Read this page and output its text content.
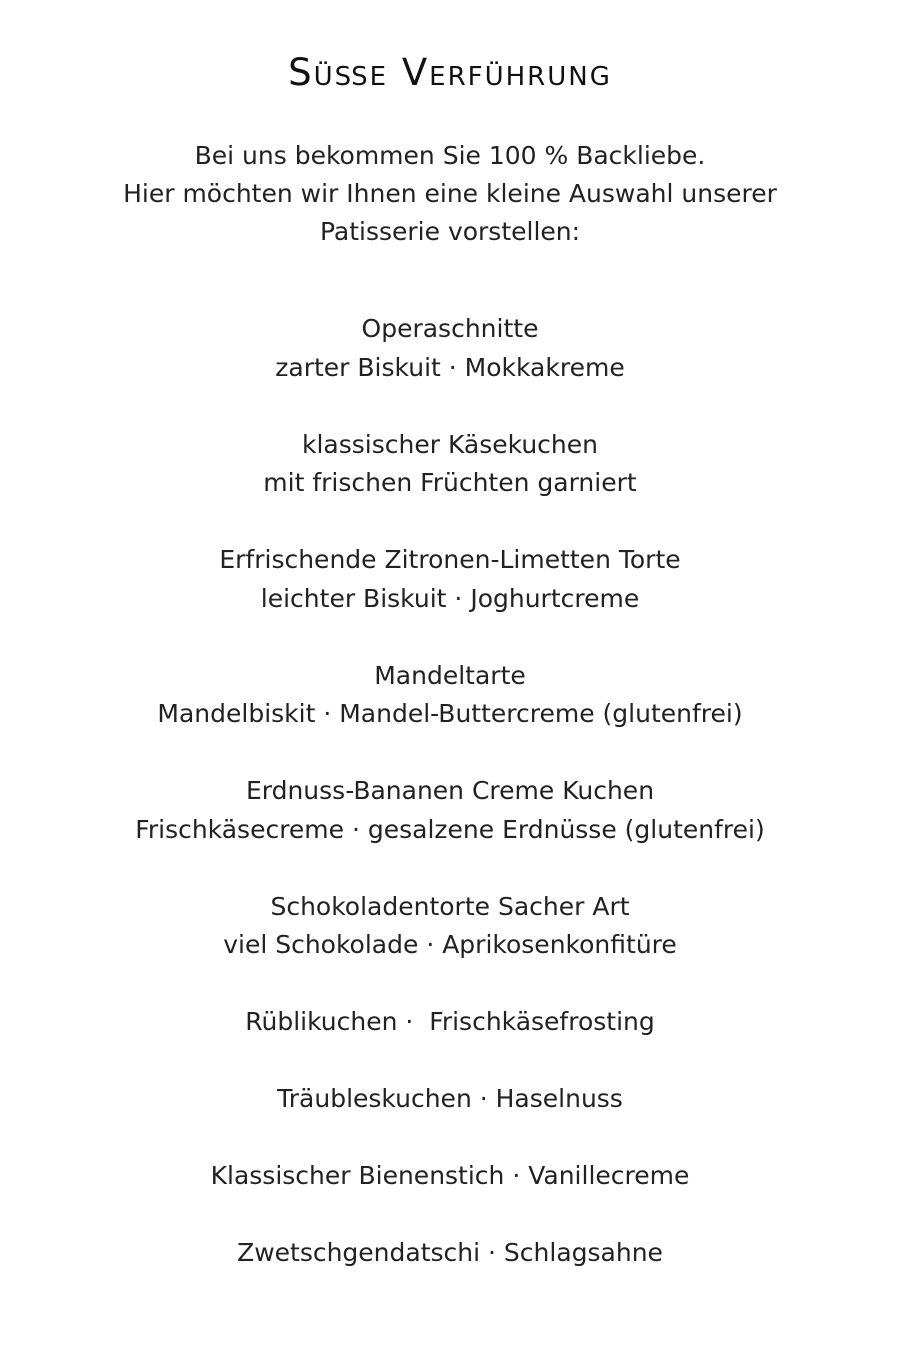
Süße Verführung
Bei uns bekommen Sie 100 % Backliebe.
Hier möchten wir Ihnen eine kleine Auswahl unserer
Patisserie vorstellen:
Operaschnitte
zarter Biskuit · Mokkakreme
klassischer Käsekuchen
mit frischen Früchten garniert
Erfrischende Zitronen-Limetten Torte
leichter Biskuit · Joghurtcreme
Mandeltarte
Mandelbiskit · Mandel-Buttercreme (glutenfrei)
Erdnuss-Bananen Creme Kuchen
Frischkäsecreme · gesalzene Erdnüsse (glutenfrei)
Schokoladentorte Sacher Art
viel Schokolade · Aprikosenkonfitüre
Rüblikuchen ·  Frischkäsefrosting
Träubleskuchen · Haselnuss
Klassischer Bienenstich · Vanillecreme
Zwetschgendatschi · Schlagsahne
